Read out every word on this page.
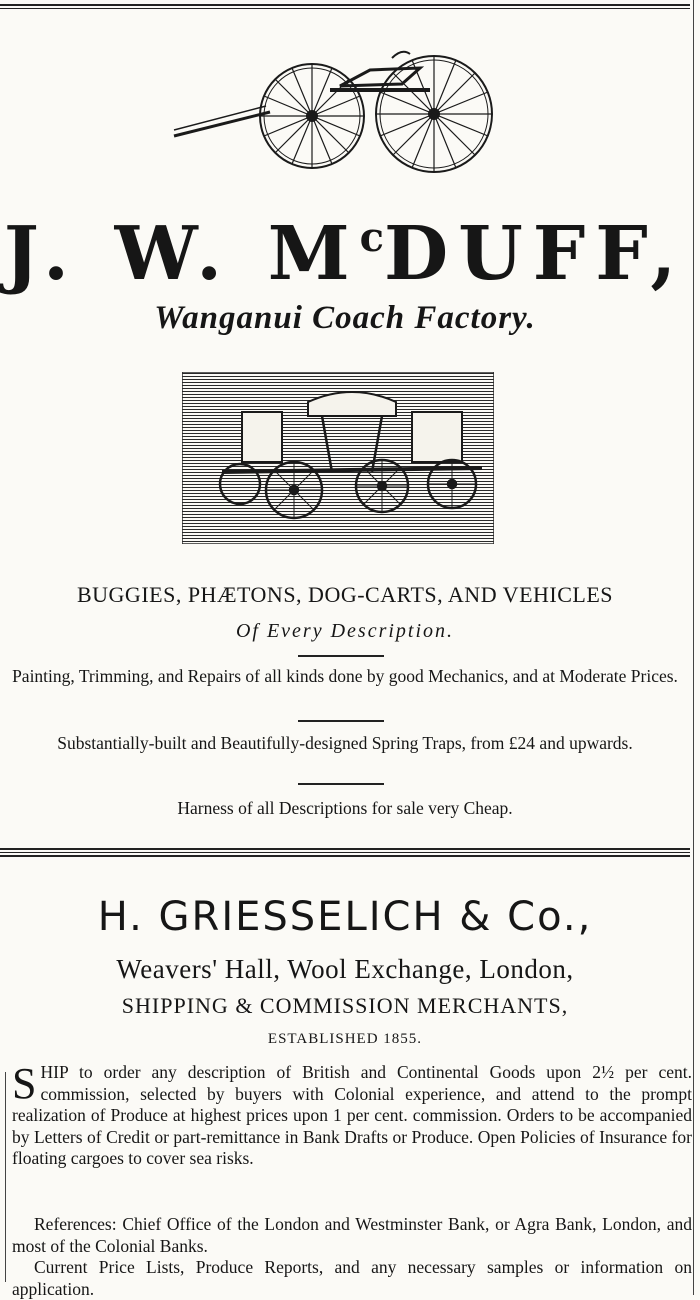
J. W. $M^cDUFF$,
Wanganui Coach Factory.
BUGGIES, PHÆTONS, DOG-CARTS, AND VEHICLES
Of Every Description.
Painting, Trimming, and Repairs of all kinds done by good Mechanics, and at Moderate Prices.
Substantially-built and Beautifully-designed Spring Traps, from £24 and upwards.
Harness of all Descriptions for sale very Cheap.
H. GRIESSELICH & Co.,
Weavers' Hall, Wool Exchange, London,
SHIPPING & COMMISSION MERCHANTS,
ESTABLISHED 1855.

SHIP to order any description of British and Continental Goods upon 2½ per cent. commission, selected by buyers with Colonial experience, and attend to the prompt realization of Produce at highest prices upon 1 per cent. commission. Orders to be accompanied by Letters of Credit or part-remittance in Bank Drafts or Produce. Open Policies of Insurance for floating cargoes to cover sea risks.

References: Chief Office of the London and Westminster Bank, or Agra Bank, London, and most of the Colonial Banks.

Current Price Lists, Produce Reports, and any necessary samples or information on application.
